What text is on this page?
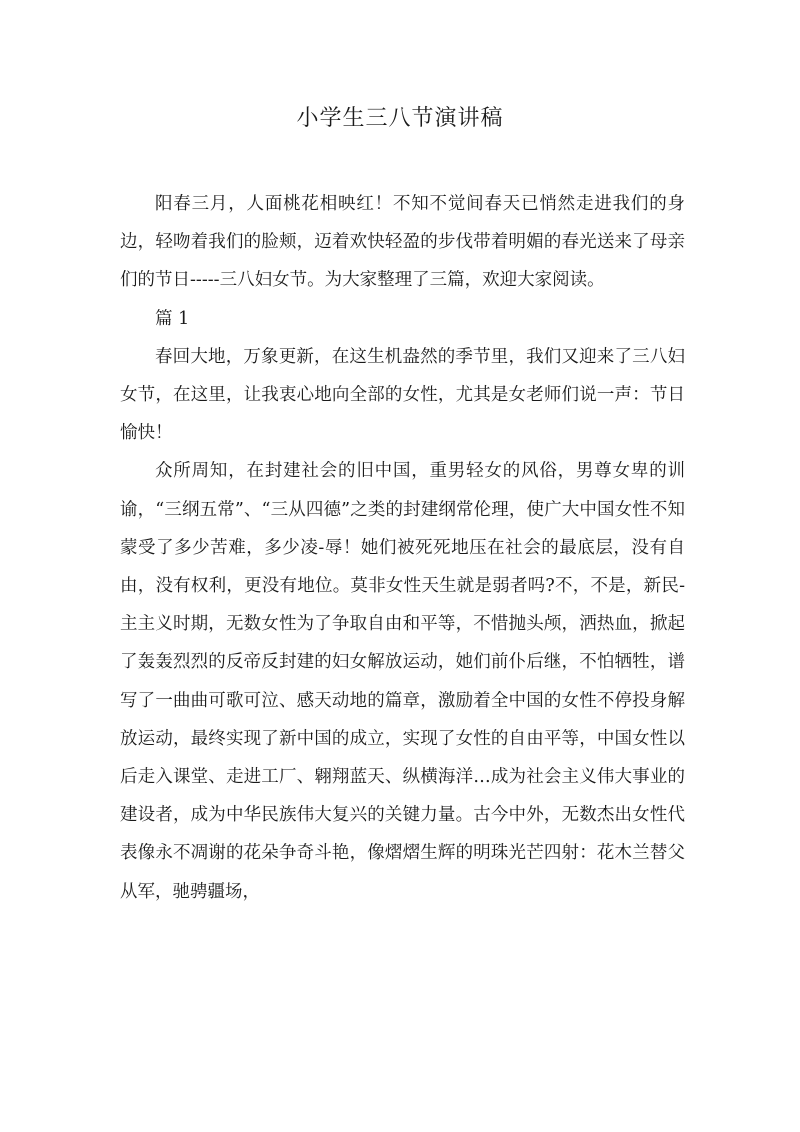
小学生三八节演讲稿

阳春三月，人面桃花相映红！不知不觉间春天已悄然走进我们的身边，轻吻着我们的脸颊，迈着欢快轻盈的步伐带着明媚的春光送来了母亲们的节日-----三八妇女节。为大家整理了三篇，欢迎大家阅读。

篇 1

春回大地，万象更新，在这生机盎然的季节里，我们又迎来了三八妇女节，在这里，让我衷心地向全部的女性，尤其是女老师们说一声：节日愉快！

众所周知，在封建社会的旧中国，重男轻女的风俗，男尊女卑的训谕，“三纲五常”、“三从四德”之类的封建纲常伦理，使广大中国女性不知蒙受了多少苦难，多少凌-辱！她们被死死地压在社会的最底层，没有自由，没有权利，更没有地位。莫非女性天生就是弱者吗?不，不是，新民-主主义时期，无数女性为了争取自由和平等，不惜抛头颅，洒热血，掀起了轰轰烈烈的反帝反封建的妇女解放运动，她们前仆后继，不怕牺牲，谱写了一曲曲可歌可泣、感天动地的篇章，激励着全中国的女性不停投身解放运动，最终实现了新中国的成立，实现了女性的自由平等，中国女性以后走入课堂、走进工厂、翱翔蓝天、纵横海洋…成为社会主义伟大事业的建设者，成为中华民族伟大复兴的关键力量。古今中外，无数杰出女性代表像永不凋谢的花朵争奇斗艳，像熠熠生辉的明珠光芒四射：花木兰替父从军，驰骋疆场，
